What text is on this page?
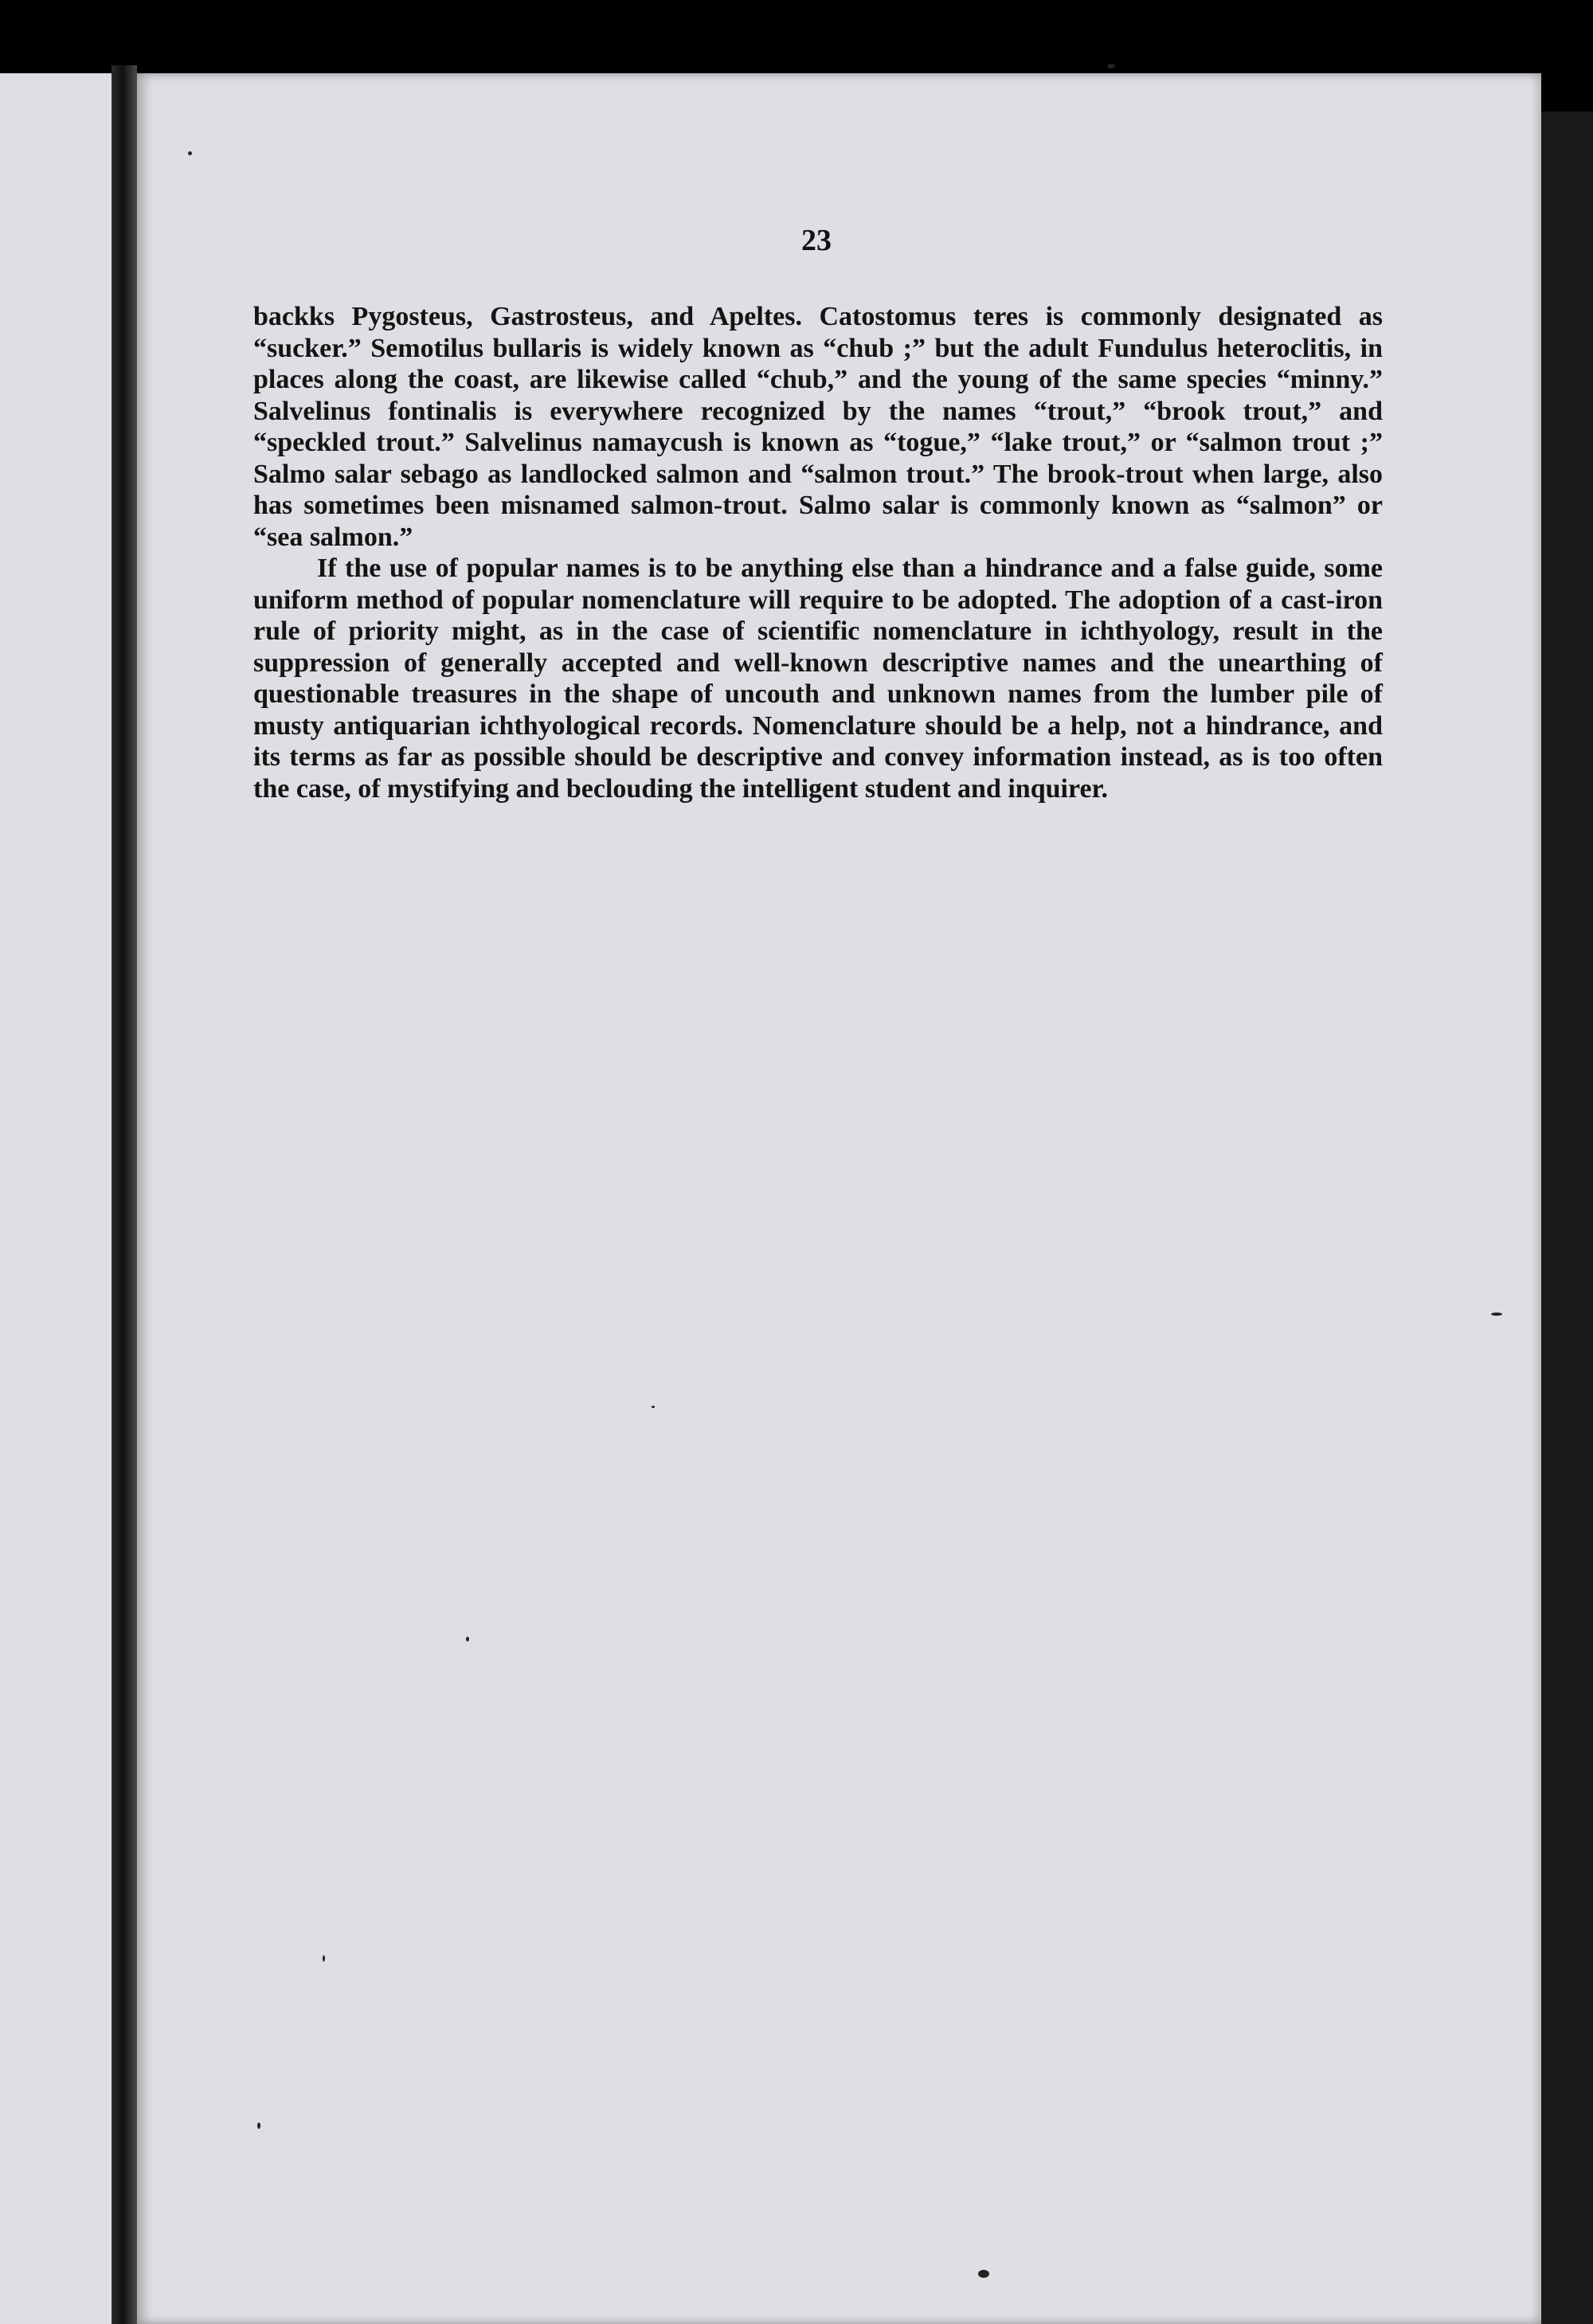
23

backks Pygosteus, Gastrosteus, and Apeltes. Catostomus teres is commonly designated as “sucker.” Semotilus bullaris is widely known as “chub ;” but the adult Fundulus heteroclitis, in places along the coast, are likewise called “chub,” and the young of the same species “minny.” Salvelinus fontinalis is everywhere recognized by the names “trout,” “brook trout,” and “speckled trout.” Salvelinus namaycush is known as “togue,” “lake trout,” or “salmon trout ;” Salmo salar sebago as landlocked salmon and “salmon trout.” The brook-trout when large, also has sometimes been misnamed salmon-trout. Salmo salar is commonly known as “salmon” or “sea salmon.”

If the use of popular names is to be anything else than a hindrance and a false guide, some uniform method of popular nomenclature will require to be adopted. The adoption of a cast-iron rule of priority might, as in the case of scientific nomenclature in ichthyology, result in the suppression of generally accepted and well-known descriptive names and the unearthing of questionable treasures in the shape of uncouth and unknown names from the lumber pile of musty antiquarian ichthyological records. Nomenclature should be a help, not a hindrance, and its terms as far as possible should be descriptive and convey information instead, as is too often the case, of mystifying and beclouding the intelligent student and inquirer.
